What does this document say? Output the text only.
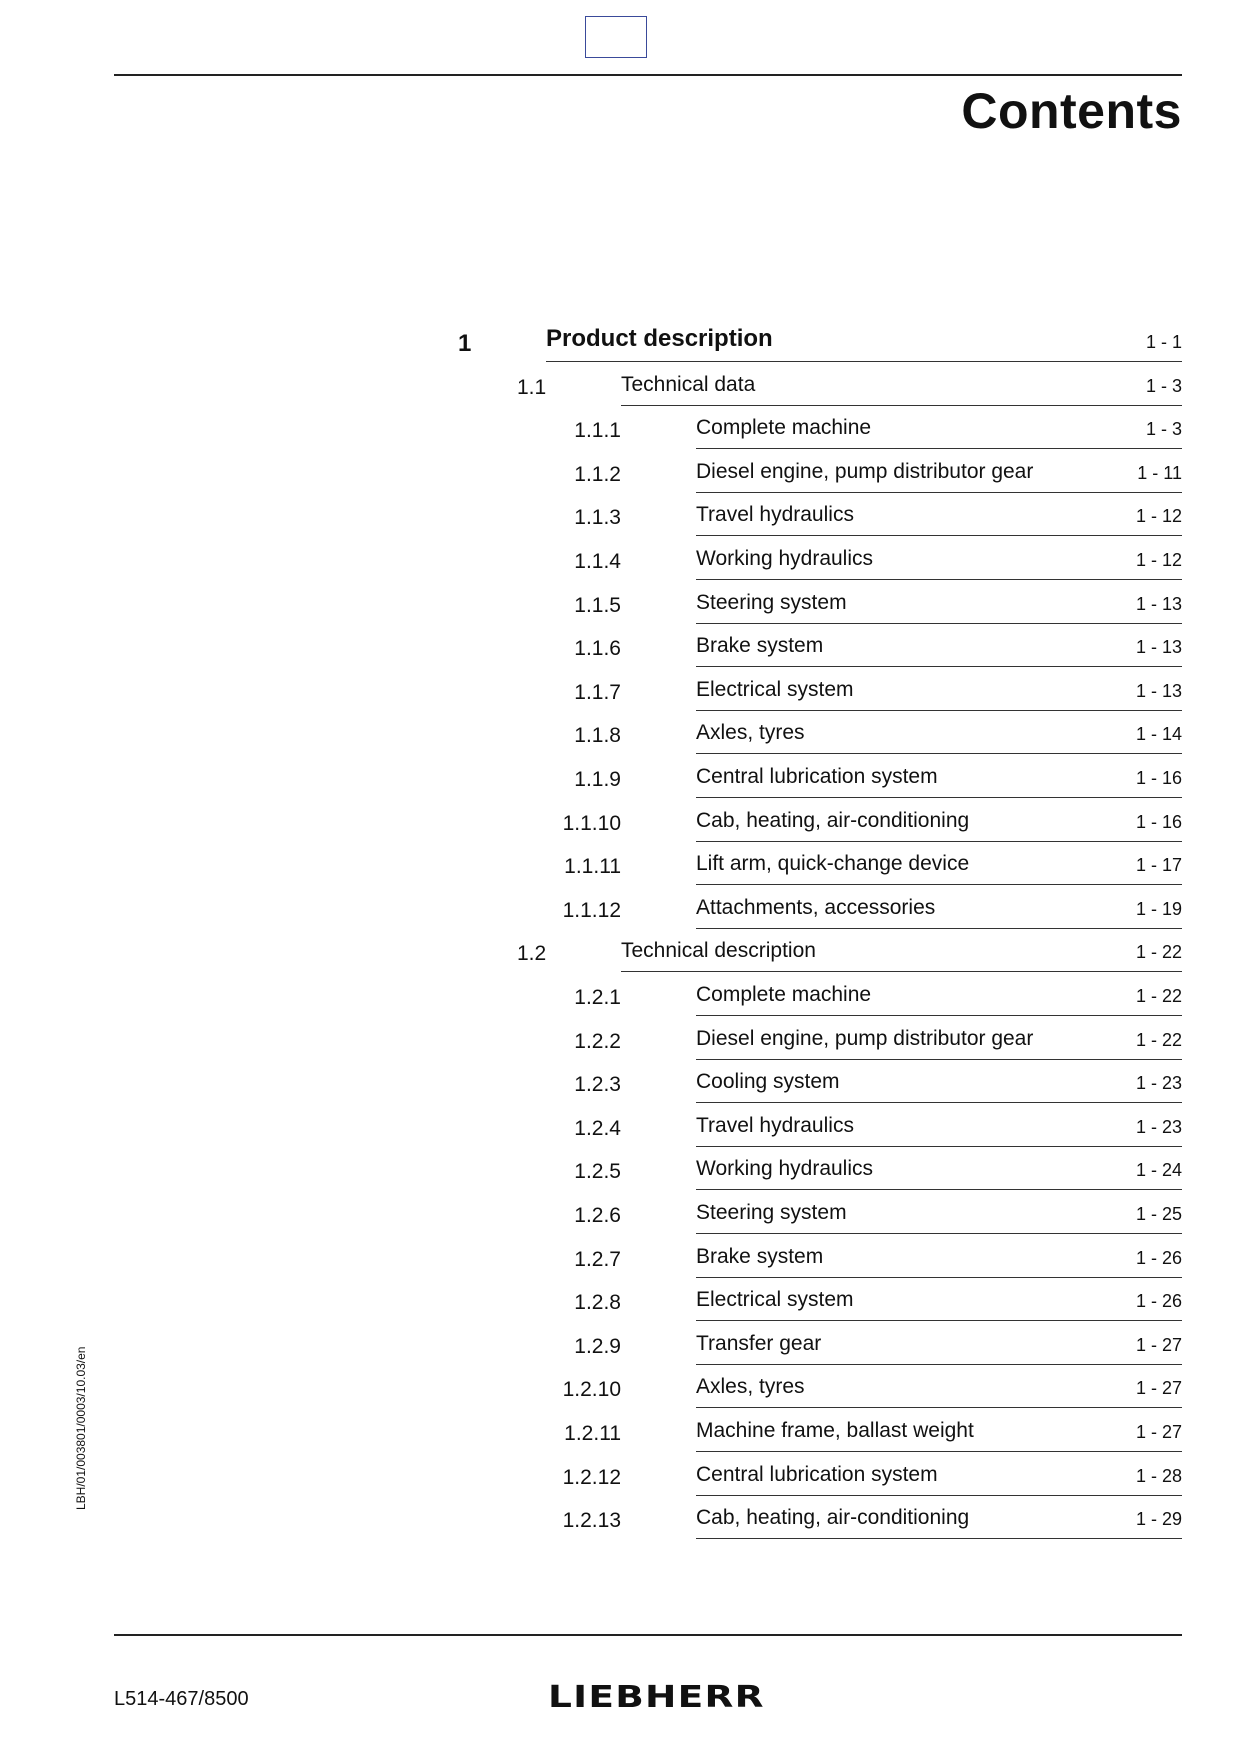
Contents
1	Product description	1 - 1
1.1	Technical data	1 - 3
1.1.1	Complete machine	1 - 3
1.1.2	Diesel engine, pump distributor gear	1 - 11
1.1.3	Travel hydraulics	1 - 12
1.1.4	Working hydraulics	1 - 12
1.1.5	Steering system	1 - 13
1.1.6	Brake system	1 - 13
1.1.7	Electrical system	1 - 13
1.1.8	Axles, tyres	1 - 14
1.1.9	Central lubrication system	1 - 16
1.1.10	Cab, heating, air-conditioning	1 - 16
1.1.11	Lift arm, quick-change device	1 - 17
1.1.12	Attachments, accessories	1 - 19
1.2	Technical description	1 - 22
1.2.1	Complete machine	1 - 22
1.2.2	Diesel engine, pump distributor gear	1 - 22
1.2.3	Cooling system	1 - 23
1.2.4	Travel hydraulics	1 - 23
1.2.5	Working hydraulics	1 - 24
1.2.6	Steering system	1 - 25
1.2.7	Brake system	1 - 26
1.2.8	Electrical system	1 - 26
1.2.9	Transfer gear	1 - 27
1.2.10	Axles, tyres	1 - 27
1.2.11	Machine frame, ballast weight	1 - 27
1.2.12	Central lubrication system	1 - 28
1.2.13	Cab, heating, air-conditioning	1 - 29
LBH/01/003801/0003/10.03/en
L514-467/8500	LIEBHERR
